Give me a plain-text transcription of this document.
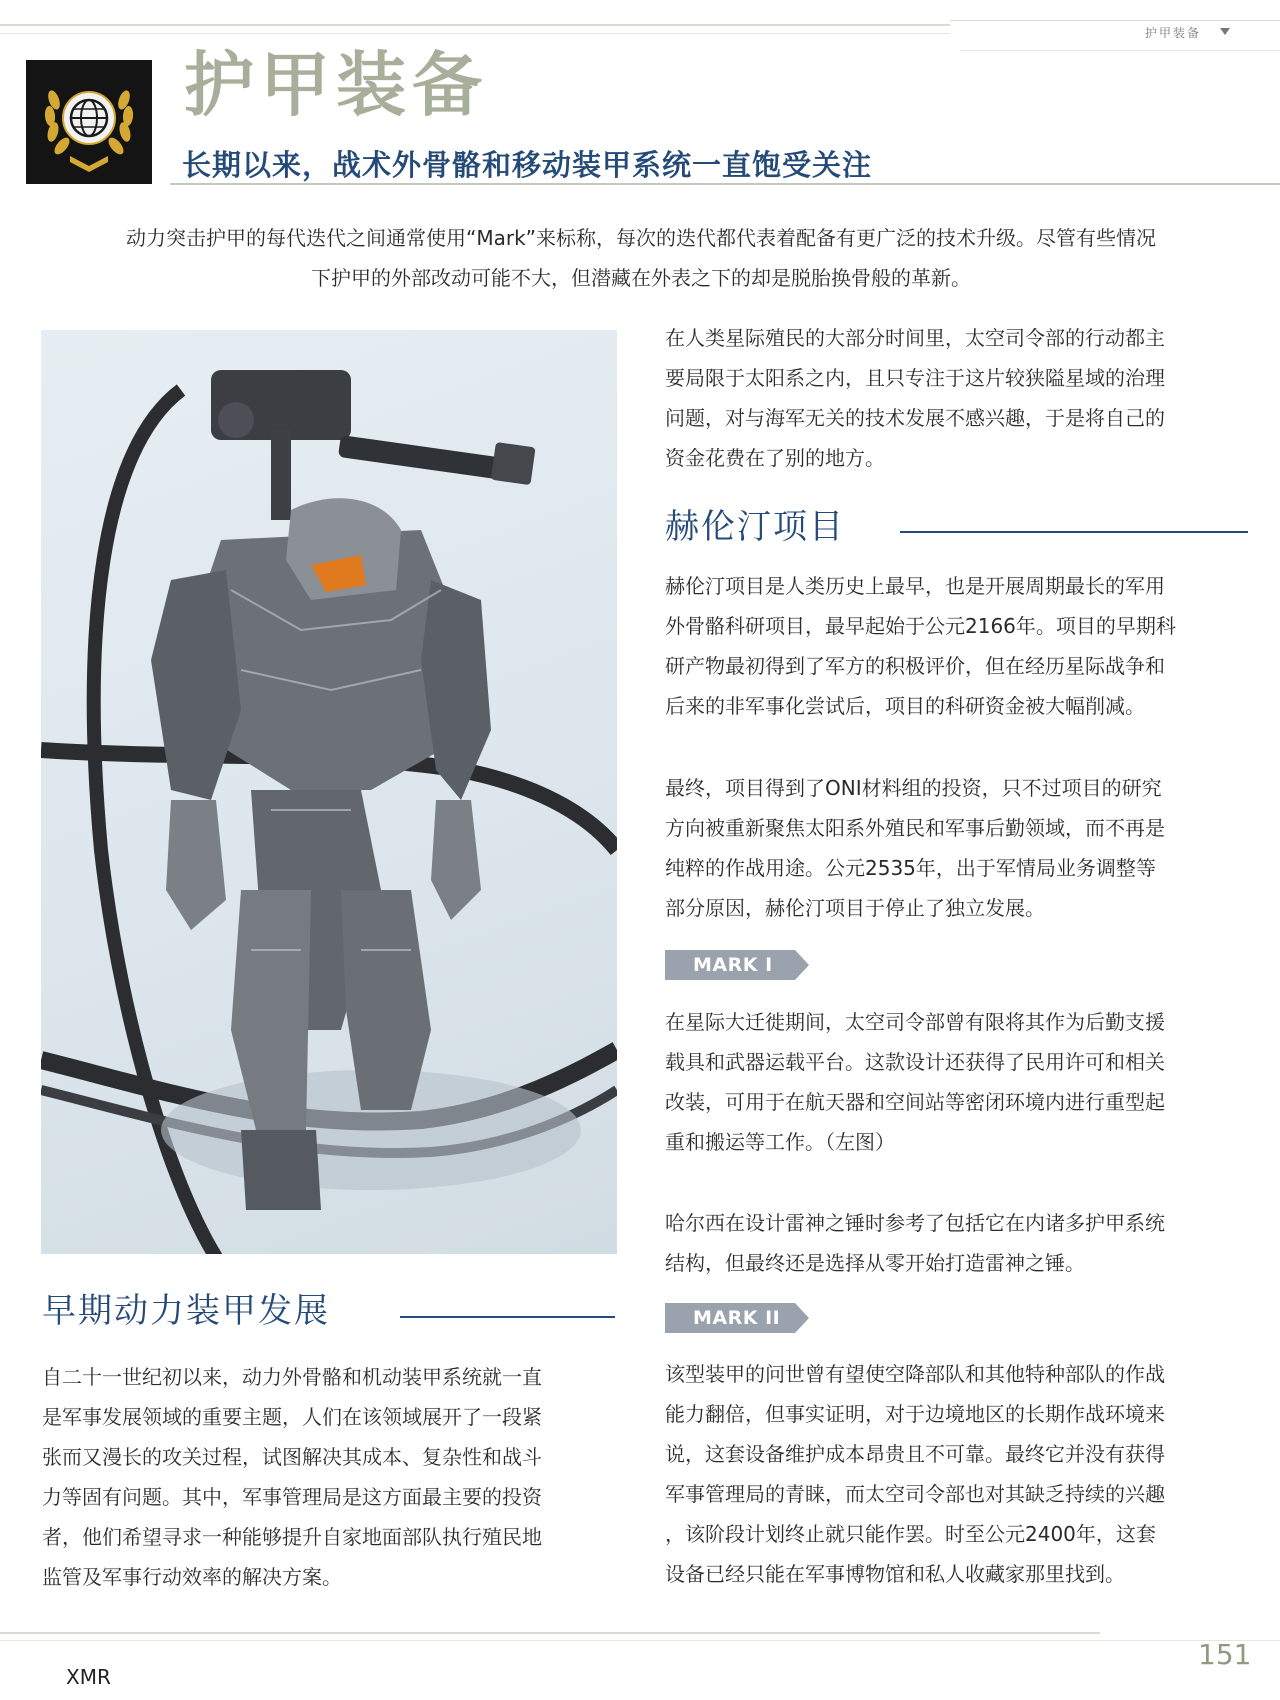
护甲装备
护甲装备
长期以来，战术外骨骼和移动装甲系统一直饱受关注
动力突击护甲的每代迭代之间通常使用“Mark”来标称，每次的迭代都代表着配备有更广泛的技术升级。尽管有些情况
下护甲的外部改动可能不大，但潜藏在外表之下的却是脱胎换骨般的革新。
早期动力装甲发展
自二十一世纪初以来，动力外骨骼和机动装甲系统就一直
是军事发展领域的重要主题，人们在该领域展开了一段紧
张而又漫长的攻关过程，试图解决其成本、复杂性和战斗
力等固有问题。其中，军事管理局是这方面最主要的投资
者，他们希望寻求一种能够提升自家地面部队执行殖民地
监管及军事行动效率的解决方案。
在人类星际殖民的大部分时间里，太空司令部的行动都主
要局限于太阳系之内，且只专注于这片较狭隘星域的治理
问题，对与海军无关的技术发展不感兴趣，于是将自己的
资金花费在了别的地方。
赫伦汀项目
赫伦汀项目是人类历史上最早，也是开展周期最长的军用
外骨骼科研项目，最早起始于公元2166年。项目的早期科
研产物最初得到了军方的积极评价，但在经历星际战争和
后来的非军事化尝试后，项目的科研资金被大幅削减。
最终，项目得到了ONI材料组的投资，只不过项目的研究
方向被重新聚焦太阳系外殖民和军事后勤领域，而不再是
纯粹的作战用途。公元2535年，出于军情局业务调整等
部分原因，赫伦汀项目于停止了独立发展。
MARK I
在星际大迁徙期间，太空司令部曾有限将其作为后勤支援
载具和武器运载平台。这款设计还获得了民用许可和相关
改装，可用于在航天器和空间站等密闭环境内进行重型起
重和搬运等工作。（左图）
哈尔西在设计雷神之锤时参考了包括它在内诸多护甲系统
结构，但最终还是选择从零开始打造雷神之锤。
MARK II
该型装甲的问世曾有望使空降部队和其他特种部队的作战
能力翻倍，但事实证明，对于边境地区的长期作战环境来
说，这套设备维护成本昂贵且不可靠。最终它并没有获得
军事管理局的青睐，而太空司令部也对其缺乏持续的兴趣
，该阶段计划终止就只能作罢。时至公元2400年，这套
设备已经只能在军事博物馆和私人收藏家那里找到。
151
XMR
